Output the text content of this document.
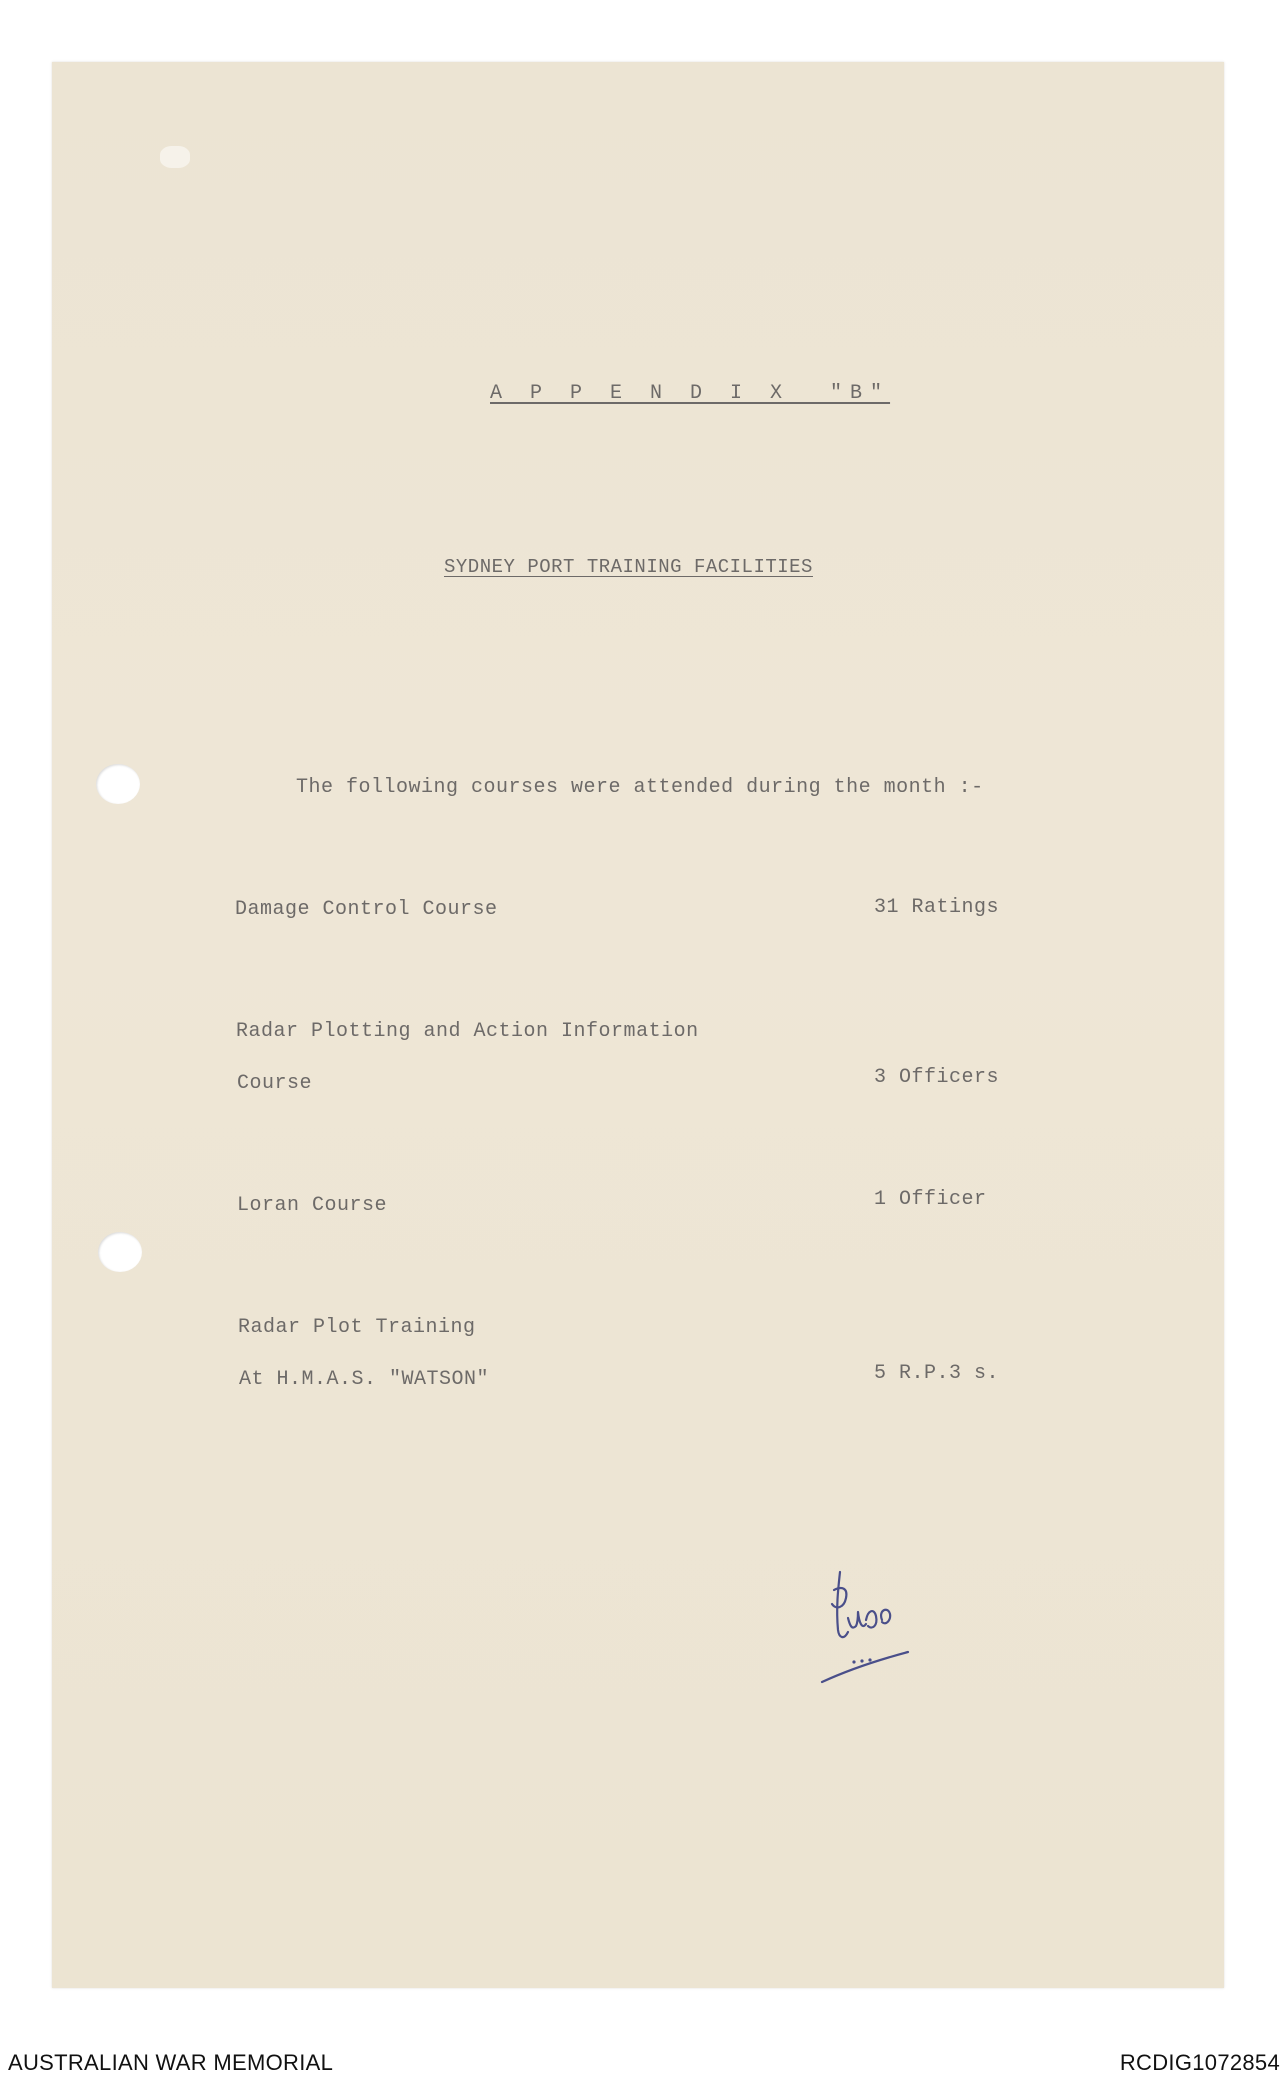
A P P E N D I X  "B"
SYDNEY PORT TRAINING FACILITIES
The following courses were attended during the month :-
Damage Control Course	31 Ratings
Radar Plotting and Action Information
Course	3 Officers
Loran Course	1 Officer
Radar Plot Training
At H.M.A.S. "WATSON"	5 R.P.3 s.
AUSTRALIAN WAR MEMORIAL	RCDIG1072854
